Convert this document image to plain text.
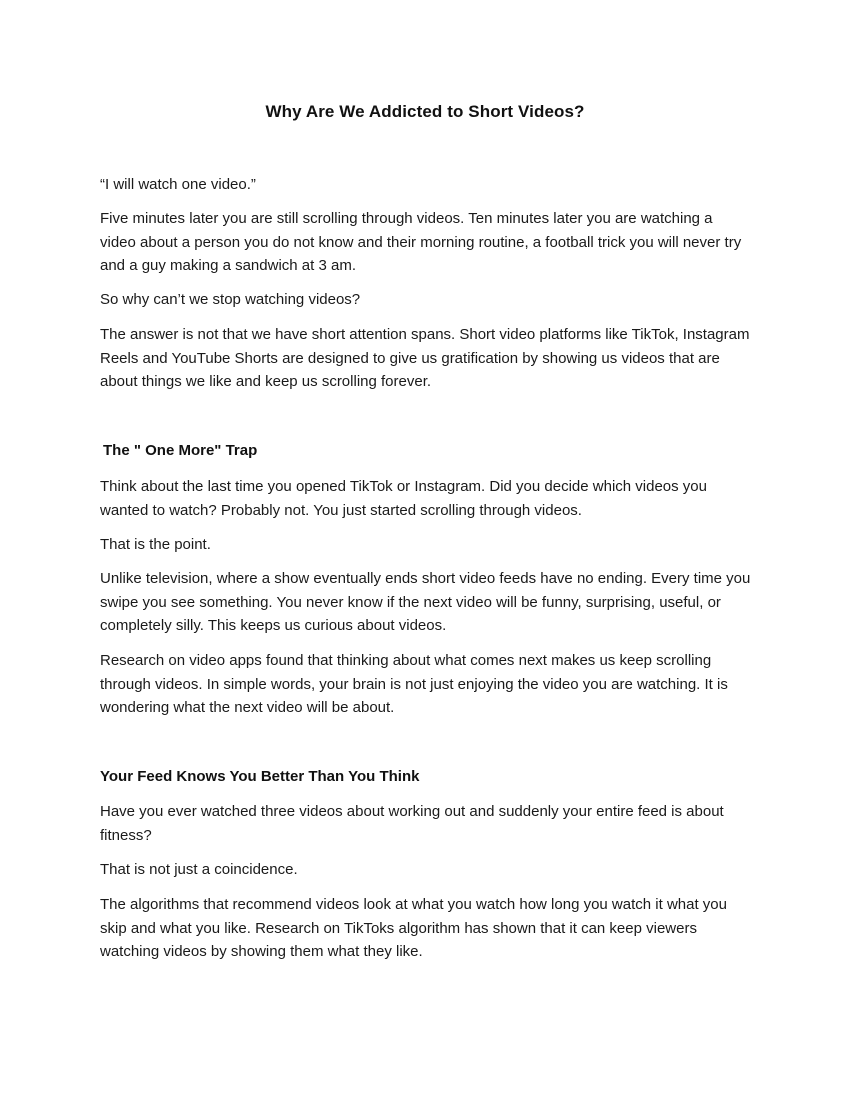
Why Are We Addicted to Short Videos?
“I will watch one video.”
Five minutes later you are still scrolling through videos. Ten minutes later you are watching a video about a person you do not know and their morning routine, a football trick you will never try and a guy making a sandwich at 3 am.
So why can’t we stop watching videos?
The answer is not that we have short attention spans. Short video platforms like TikTok, Instagram Reels and YouTube Shorts are designed to give us gratification by showing us videos that are about things we like and keep us scrolling forever.
The " One More" Trap
Think about the last time you opened TikTok or Instagram. Did you decide which videos you wanted to watch? Probably not. You just started scrolling through videos.
That is the point.
Unlike television, where a show eventually ends short video feeds have no ending. Every time you swipe you see something. You never know if the next video will be funny, surprising, useful, or completely silly. This keeps us curious about videos.
Research on video apps found that thinking about what comes next makes us keep scrolling through videos. In simple words, your brain is not just enjoying the video you are watching. It is wondering what the next video will be about.
Your Feed Knows You Better Than You Think
Have you ever watched three videos about working out and suddenly your entire feed is about fitness?
That is not just a coincidence.
The algorithms that recommend videos look at what you watch how long you watch it what you skip and what you like. Research on TikToks algorithm has shown that it can keep viewers watching videos by showing them what they like.
